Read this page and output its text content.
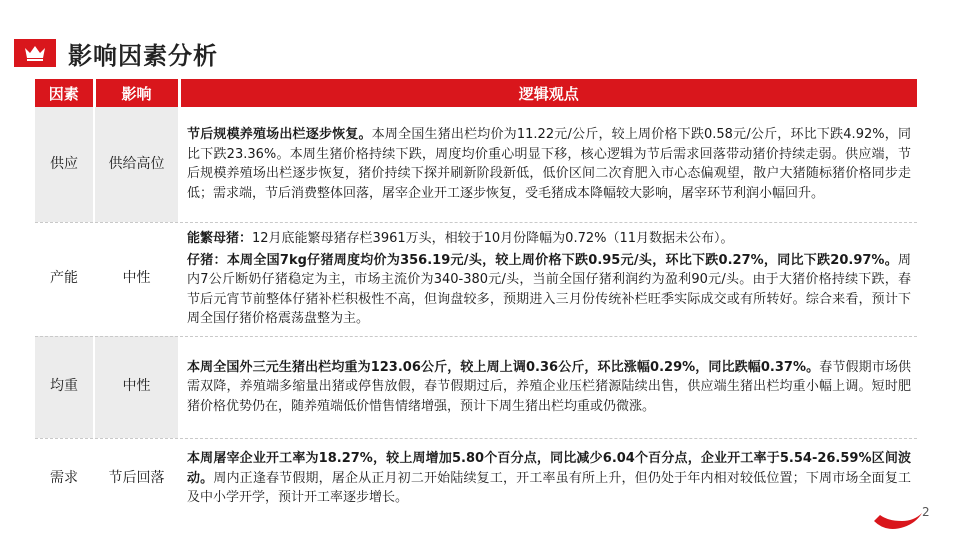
影响因素分析
因素	影响	逻辑观点
供应	供给高位	节后规模养殖场出栏逐步恢复。本周全国生猪出栏均价为11.22元/公斤，较上周价格下跌0.58元/公斤，环比下跌4.92%，同比下跌23.36%。本周生猪价格持续下跌，周度均价重心明显下移，核心逻辑为节后需求回落带动猪价持续走弱。供应端，节后规模养殖场出栏逐步恢复，猪价持续下探并刷新阶段新低，低价区间二次育肥入市心态偏观望，散户大猪随标猪价格同步走低；需求端，节后消费整体回落，屠宰企业开工逐步恢复，受毛猪成本降幅较大影响，屠宰环节利润小幅回升。
产能	中性	能繁母猪：12月底能繁母猪存栏3961万头，相较于10月份降幅为0.72%（11月数据未公布）。
仔猪：本周全国7kg仔猪周度均价为356.19元/头，较上周价格下跌0.95元/头，环比下跌0.27%，同比下跌20.97%。周内7公斤断奶仔猪稳定为主，市场主流价为340-380元/头，当前全国仔猪利润约为盈利90元/头。由于大猪价格持续下跌，春节后元宵节前整体仔猪补栏积极性不高，但询盘较多，预期进入三月份传统补栏旺季实际成交或有所转好。综合来看，预计下周全国仔猪价格震荡盘整为主。
均重	中性	本周全国外三元生猪出栏均重为123.06公斤，较上周上调0.36公斤，环比涨幅0.29%，同比跌幅0.37%。春节假期市场供需双降，养殖端多缩量出猪或停售放假，春节假期过后，养殖企业压栏猪源陆续出售，供应端生猪出栏均重小幅上调。短时肥猪价格优势仍在，随养殖端低价惜售情绪增强，预计下周生猪出栏均重或仍微涨。
需求	节后回落	本周屠宰企业开工率为18.27%，较上周增加5.80个百分点，同比减少6.04个百分点，企业开工率于5.54-26.59%区间波动。周内正逢春节假期，屠企从正月初二开始陆续复工，开工率虽有所上升，但仍处于年内相对较低位置；下周市场全面复工及中小学开学，预计开工率逐步增长。
2
